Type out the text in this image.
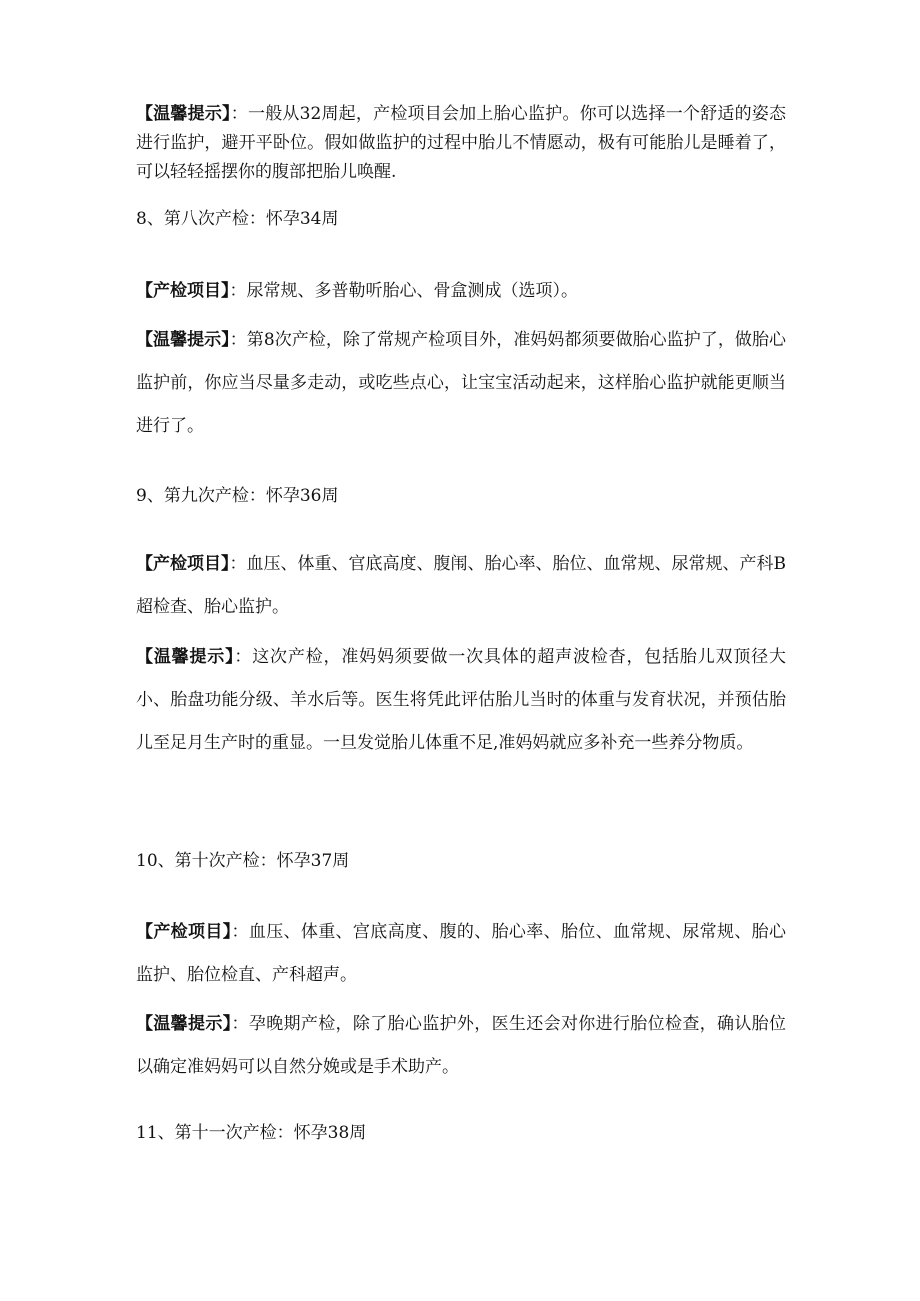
【温馨提示】：一般从32周起，产检项目会加上胎心监护。你可以选择一个舒适的姿态进行监护，避开平卧位。假如做监护的过程中胎儿不情愿动，极有可能胎儿是睡着了，可以轻轻摇摆你的腹部把胎儿唤醒.

8、第八次产检：怀孕34周

【产检项目】：尿常规、多普勒听胎心、骨盒测成（选项）。

【温馨提示】：第8次产检，除了常规产检项目外，准妈妈都须要做胎心监护了，做胎心监护前，你应当尽量多走动，或吃些点心，让宝宝活动起来，这样胎心监护就能更顺当进行了。

9、第九次产检：怀孕36周

【产检项目】：血压、体重、官底高度、腹闱、胎心率、胎位、血常规、尿常规、产科B超检查、胎心监护。

【温馨提示】：这次产检，准妈妈须要做一次具体的超声波检杳，包括胎儿双顶径大小、胎盘功能分级、羊水后等。医生将凭此评估胎儿当时的体重与发育状况，并预估胎儿至足月生产时的重显。一旦发觉胎儿体重不足,准妈妈就应多补充一些养分物质。

10、第十次产检：怀孕37周

【产检项目】：血压、体重、宫底高度、腹的、胎心率、胎位、血常规、尿常规、胎心监护、胎位检直、产科超声。

【温馨提示】：孕晚期产检，除了胎心监护外，医生还会对你进行胎位检查，确认胎位以确定准妈妈可以自然分娩或是手术助产。

11、第十一次产检：怀孕38周
